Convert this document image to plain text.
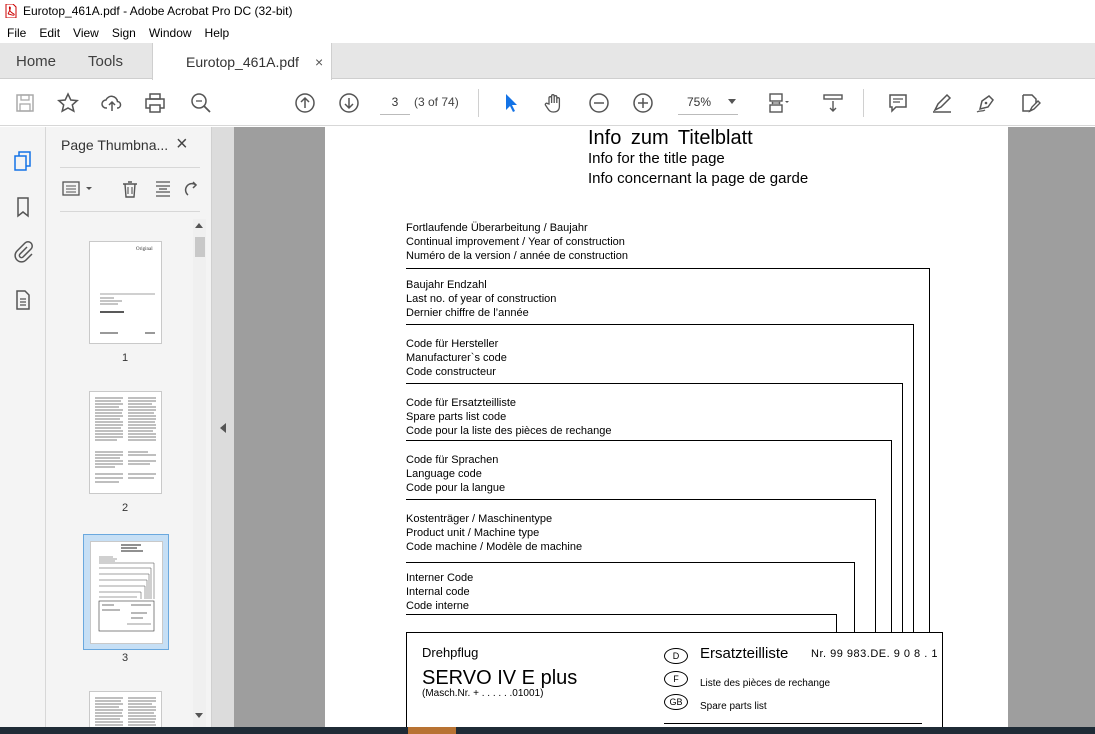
Eurotop_461A.pdf - Adobe Acrobat Pro DC (32-bit)
File	Edit	View	Sign	Window	Help
Home Tools	Eurotop_461A.pdf ×
3	(3 of 74)	75%
Page Thumbna... ×
Original
1
2
3
Info zum Titelblatt
Info for the title page
Info concernant la page de garde
Fortlaufende Überarbeitung / Baujahr
Continual improvement / Year of construction
Numéro de la version / année de construction
Baujahr Endzahl
Last no. of year of construction
Dernier chiffre de l’année
Code für Hersteller
Manufacturer`s code
Code constructeur
Code für Ersatzteilliste
Spare parts list code
Code pour la liste des pièces de rechange
Code für Sprachen
Language code
Code pour la langue
Kostenträger / Maschinentype
Product unit / Machine type
Code machine / Modèle de machine
Interner Code
Internal code
Code interne
Drehpflug
SERVO IV E plus
(Masch.Nr. + . . . . . .01001)
D	Ersatzteilliste Nr. 99 983.DE. 9 0 8 . 1
F	Liste des pièces de rechange
GB	Spare parts list
